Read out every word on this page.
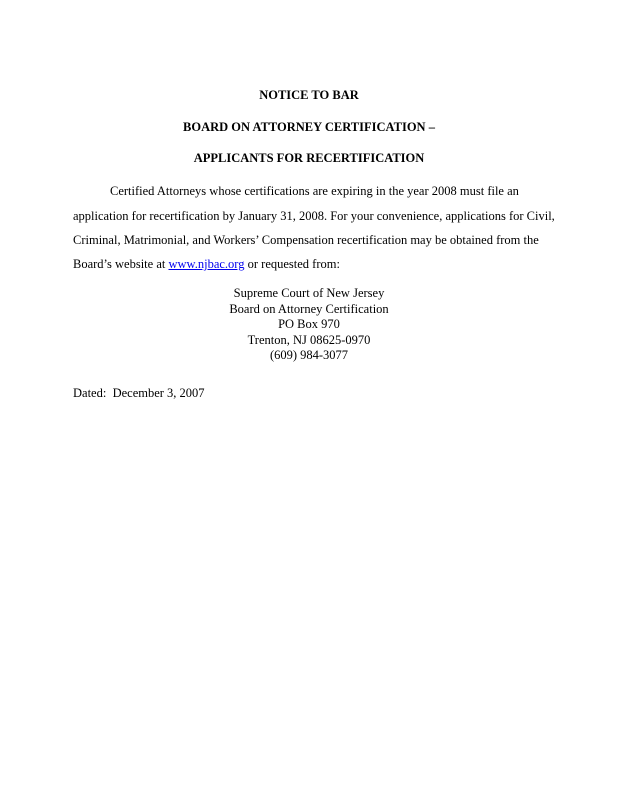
NOTICE TO BAR
BOARD ON ATTORNEY CERTIFICATION –
APPLICANTS FOR RECERTIFICATION
Certified Attorneys whose certifications are expiring in the year 2008 must file an
application for recertification by January 31, 2008. For your convenience, applications for Civil,
Criminal, Matrimonial, and Workers’ Compensation recertification may be obtained from the
Board’s website at www.njbac.org or requested from:
Supreme Court of New Jersey
Board on Attorney Certification
PO Box 970
Trenton, NJ 08625-0970
(609) 984-3077
Dated:  December 3, 2007
